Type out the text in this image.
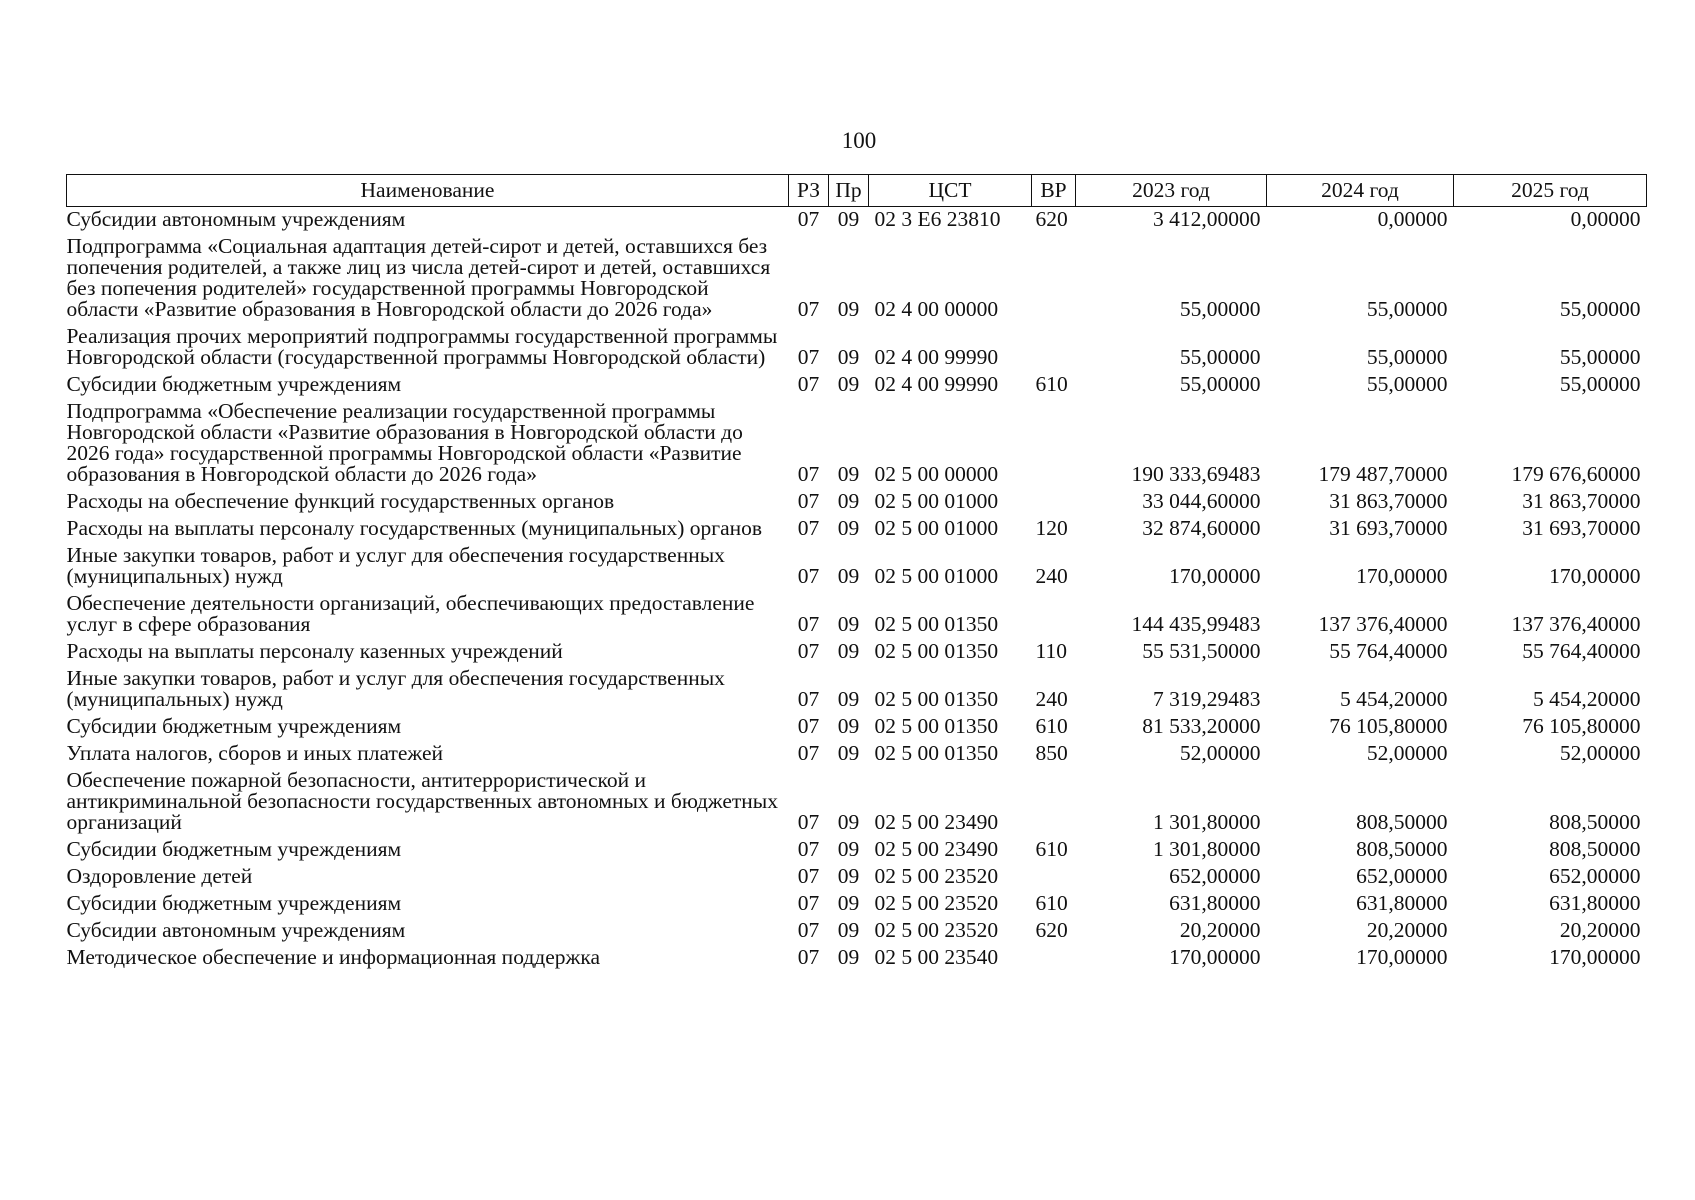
100
Наименование	РЗ	Пр	ЦСТ	ВР	2023 год	2024 год	2025 год
Субсидии автономным учреждениям	07	09	02 3 Е6 23810	620	3 412,00000	0,00000	0,00000
Подпрограмма «Социальная адаптация детей-сирот и детей, оставшихся без попечения родителей, а также лиц из числа детей-сирот и детей, оставшихся без попечения родителей» государственной программы Новгородской области «Развитие образования в Новгородской области до 2026 года»	07	09	02 4 00 00000		55,00000	55,00000	55,00000
Реализация прочих мероприятий подпрограммы государственной программы Новгородской области (государственной программы Новгородской области)	07	09	02 4 00 99990		55,00000	55,00000	55,00000
Субсидии бюджетным учреждениям	07	09	02 4 00 99990	610	55,00000	55,00000	55,00000
Подпрограмма «Обеспечение реализации государственной программы Новгородской области «Развитие образования в Новгородской области до 2026 года» государственной программы Новгородской области «Развитие образования в Новгородской области до 2026 года»	07	09	02 5 00 00000		190 333,69483	179 487,70000	179 676,60000
Расходы на обеспечение функций государственных органов	07	09	02 5 00 01000		33 044,60000	31 863,70000	31 863,70000
Расходы на выплаты персоналу государственных (муниципальных) органов	07	09	02 5 00 01000	120	32 874,60000	31 693,70000	31 693,70000
Иные закупки товаров, работ и услуг для обеспечения государственных (муниципальных) нужд	07	09	02 5 00 01000	240	170,00000	170,00000	170,00000
Обеспечение деятельности организаций, обеспечивающих предоставление услуг в сфере образования	07	09	02 5 00 01350		144 435,99483	137 376,40000	137 376,40000
Расходы на выплаты персоналу казенных учреждений	07	09	02 5 00 01350	110	55 531,50000	55 764,40000	55 764,40000
Иные закупки товаров, работ и услуг для обеспечения государственных (муниципальных) нужд	07	09	02 5 00 01350	240	7 319,29483	5 454,20000	5 454,20000
Субсидии бюджетным учреждениям	07	09	02 5 00 01350	610	81 533,20000	76 105,80000	76 105,80000
Уплата налогов, сборов и иных платежей	07	09	02 5 00 01350	850	52,00000	52,00000	52,00000
Обеспечение пожарной безопасности, антитеррористической и антикриминальной безопасности государственных автономных и бюджетных организаций	07	09	02 5 00 23490		1 301,80000	808,50000	808,50000
Субсидии бюджетным учреждениям	07	09	02 5 00 23490	610	1 301,80000	808,50000	808,50000
Оздоровление детей	07	09	02 5 00 23520		652,00000	652,00000	652,00000
Субсидии бюджетным учреждениям	07	09	02 5 00 23520	610	631,80000	631,80000	631,80000
Субсидии автономным учреждениям	07	09	02 5 00 23520	620	20,20000	20,20000	20,20000
Методическое обеспечение и информационная поддержка	07	09	02 5 00 23540		170,00000	170,00000	170,00000
